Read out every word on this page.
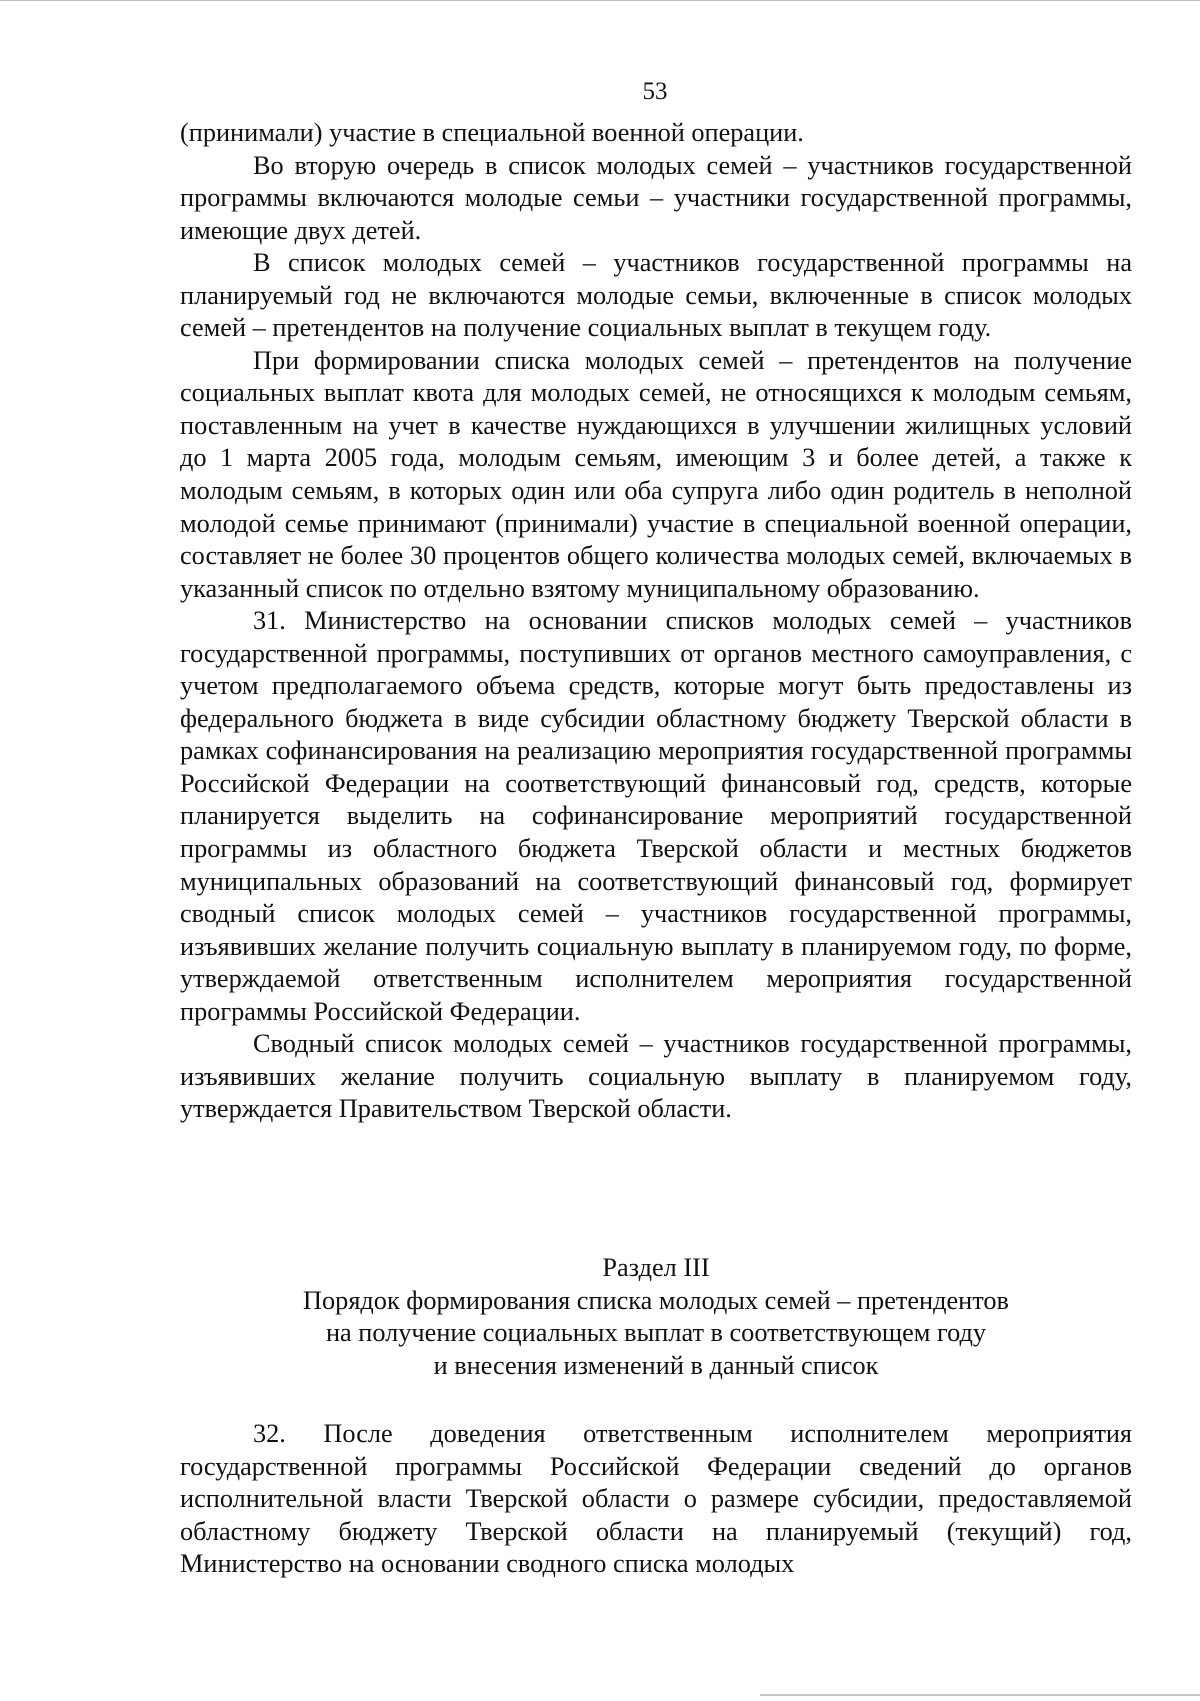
53

(принимали) участие в специальной военной операции.

Во вторую очередь в список молодых семей – участников государственной программы включаются молодые семьи – участники государственной программы, имеющие двух детей.

В список молодых семей – участников государственной программы на планируемый год не включаются молодые семьи, включенные в список молодых семей – претендентов на получение социальных выплат в текущем году.

При формировании списка молодых семей – претендентов на получение социальных выплат квота для молодых семей, не относящихся к молодым семьям, поставленным на учет в качестве нуждающихся в улучшении жилищных условий до 1 марта 2005 года, молодым семьям, имеющим 3 и более детей, а также к молодым семьям, в которых один или оба супруга либо один родитель в неполной молодой семье принимают (принимали) участие в специальной военной операции, составляет не более 30 процентов общего количества молодых семей, включаемых в указанный список по отдельно взятому муниципальному образованию.

31. Министерство на основании списков молодых семей – участников государственной программы, поступивших от органов местного самоуправления, с учетом предполагаемого объема средств, которые могут быть предоставлены из федерального бюджета в виде субсидии областному бюджету Тверской области в рамках софинансирования на реализацию мероприятия государственной программы Российской Федерации на соответствующий финансовый год, средств, которые планируется выделить на софинансирование мероприятий государственной программы из областного бюджета Тверской области и местных бюджетов муниципальных образований на соответствующий финансовый год, формирует сводный список молодых семей – участников государственной программы, изъявивших желание получить социальную выплату в планируемом году, по форме, утверждаемой ответственным исполнителем мероприятия государственной программы Российской Федерации.

Сводный список молодых семей – участников государственной программы, изъявивших желание получить социальную выплату в планируемом году, утверждается Правительством Тверской области.

Раздел III
Порядок формирования списка молодых семей – претендентов
на получение социальных выплат в соответствующем году
и внесения изменений в данный список

32. После доведения ответственным исполнителем мероприятия государственной программы Российской Федерации сведений до органов исполнительной власти Тверской области о размере субсидии, предоставляемой областному бюджету Тверской области на планируемый (текущий) год, Министерство на основании сводного списка молодых
